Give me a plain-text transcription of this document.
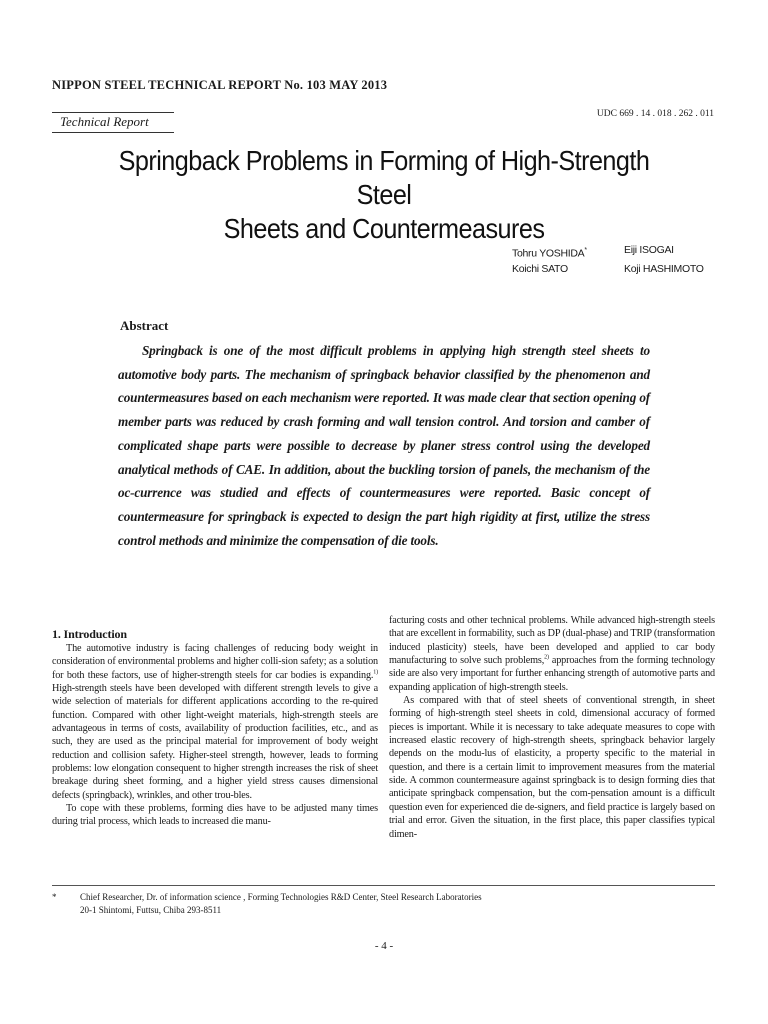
NIPPON STEEL TECHNICAL REPORT No. 103 MAY 2013
Technical Report	UDC 669 . 14 . 018 . 262 . 011
Springback Problems in Forming of High-Strength Steel
Sheets and Countermeasures
Tohru YOSHIDA*	Eiji ISOGAI
Koichi SATO	Koji HASHIMOTO
Abstract
Springback is one of the most difficult problems in applying high strength steel sheets to automotive body parts. The mechanism of springback behavior classified by the phenomenon and countermeasures based on each mechanism were reported. It was made clear that section opening of member parts was reduced by crash forming and wall tension control. And torsion and camber of complicated shape parts were possible to decrease by planer stress control using the developed analytical methods of CAE. In addition, about the buckling torsion of panels, the mechanism of the oc-currence was studied and effects of countermeasures were reported. Basic concept of countermeasure for springback is expected to design the part high rigidity at first, utilize the stress control methods and minimize the compensation of die tools.
1. Introduction

The automotive industry is facing challenges of reducing body weight in consideration of environmental problems and higher colli-sion safety; as a solution for both these factors, use of higher-strength steels for car bodies is expanding.$^{1)}$ High-strength steels have been developed with different strength levels to give a wide selection of materials for different applications according to the re-quired function. Compared with other light-weight materials, high-strength steels are advantageous in terms of costs, availability of production facilities, etc., and as such, they are used as the principal material for improvement of body weight reduction and collision safety. Higher-steel strength, however, leads to forming problems: low elongation consequent to higher strength increases the risk of sheet breakage during sheet forming, and a higher yield stress causes dimensional defects (springback), wrinkles, and other trou-bles.

To cope with these problems, forming dies have to be adjusted many times during trial process, which leads to increased die manu-

facturing costs and other technical problems. While advanced high-strength steels that are excellent in formability, such as DP (dual-phase) and TRIP (transformation induced plasticity) steels, have been developed and applied to car body manufacturing to solve such problems,$^{2)}$ approaches from the forming technology side are also very important for further enhancing strength of automotive parts and expanding application of high-strength steels.

As compared with that of steel sheets of conventional strength, in sheet forming of high-strength steel sheets in cold, dimensional accuracy of formed pieces is important. While it is necessary to take adequate measures to cope with increased elastic recovery of high-strength sheets, springback behavior largely depends on the modu-lus of elasticity, a property specific to the material in question, and there is a certain limit to improvement measures from the material side. A common countermeasure against springback is to design forming dies that anticipate springback compensation, but the com-pensation amount is a difficult question even for experienced die de-signers, and field practice is largely based on trial and error. Given the situation, in the first place, this paper classifies typical dimen-

*	Chief Researcher, Dr. of information science , Forming Technologies R&D Center, Steel Research Laboratories
20-1 Shintomi, Futtsu, Chiba 293-8511
- 4 -
